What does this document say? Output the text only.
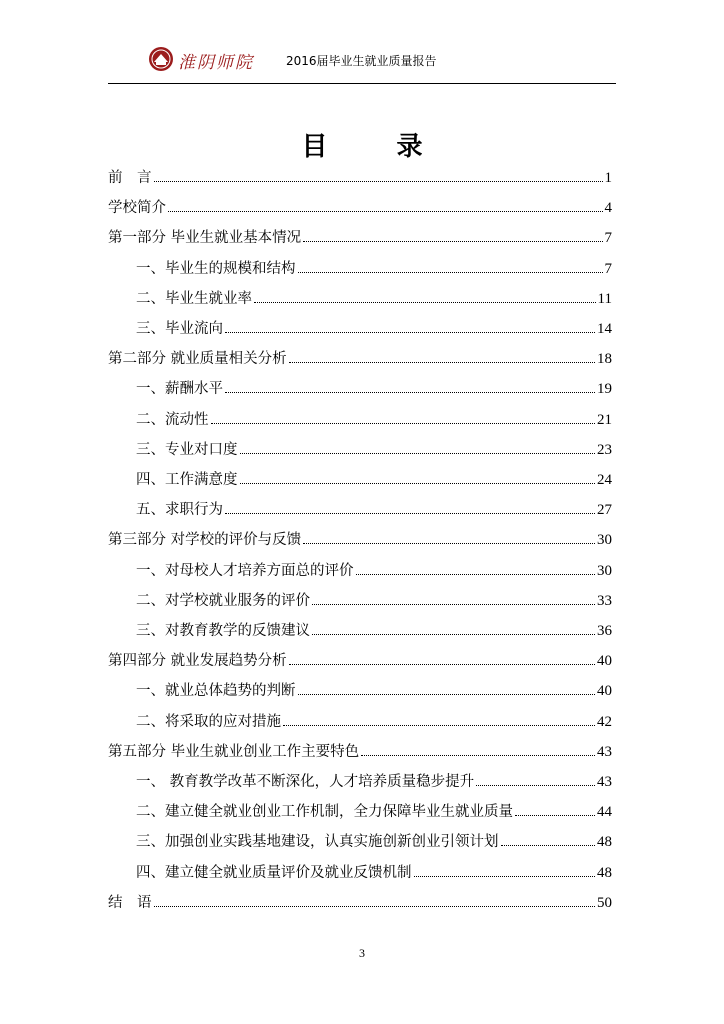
淮阴师院	2016届毕业生就业质量报告
目 录
前　言	1
学校简介	4
第一部分 毕业生就业基本情况	7
一、毕业生的规模和结构	7
二、毕业生就业率	11
三、毕业流向	14
第二部分 就业质量相关分析	18
一、薪酬水平	19
二、流动性	21
三、专业对口度	23
四、工作满意度	24
五、求职行为	27
第三部分 对学校的评价与反馈	30
一、对母校人才培养方面总的评价	30
二、对学校就业服务的评价	33
三、对教育教学的反馈建议	36
第四部分 就业发展趋势分析	40
一、就业总体趋势的判断	40
二、将采取的应对措施	42
第五部分 毕业生就业创业工作主要特色	43
一、 教育教学改革不断深化，人才培养质量稳步提升	43
二、建立健全就业创业工作机制，全力保障毕业生就业质量	44
三、加强创业实践基地建设，认真实施创新创业引领计划	48
四、建立健全就业质量评价及就业反馈机制	48
结　语	50
3
